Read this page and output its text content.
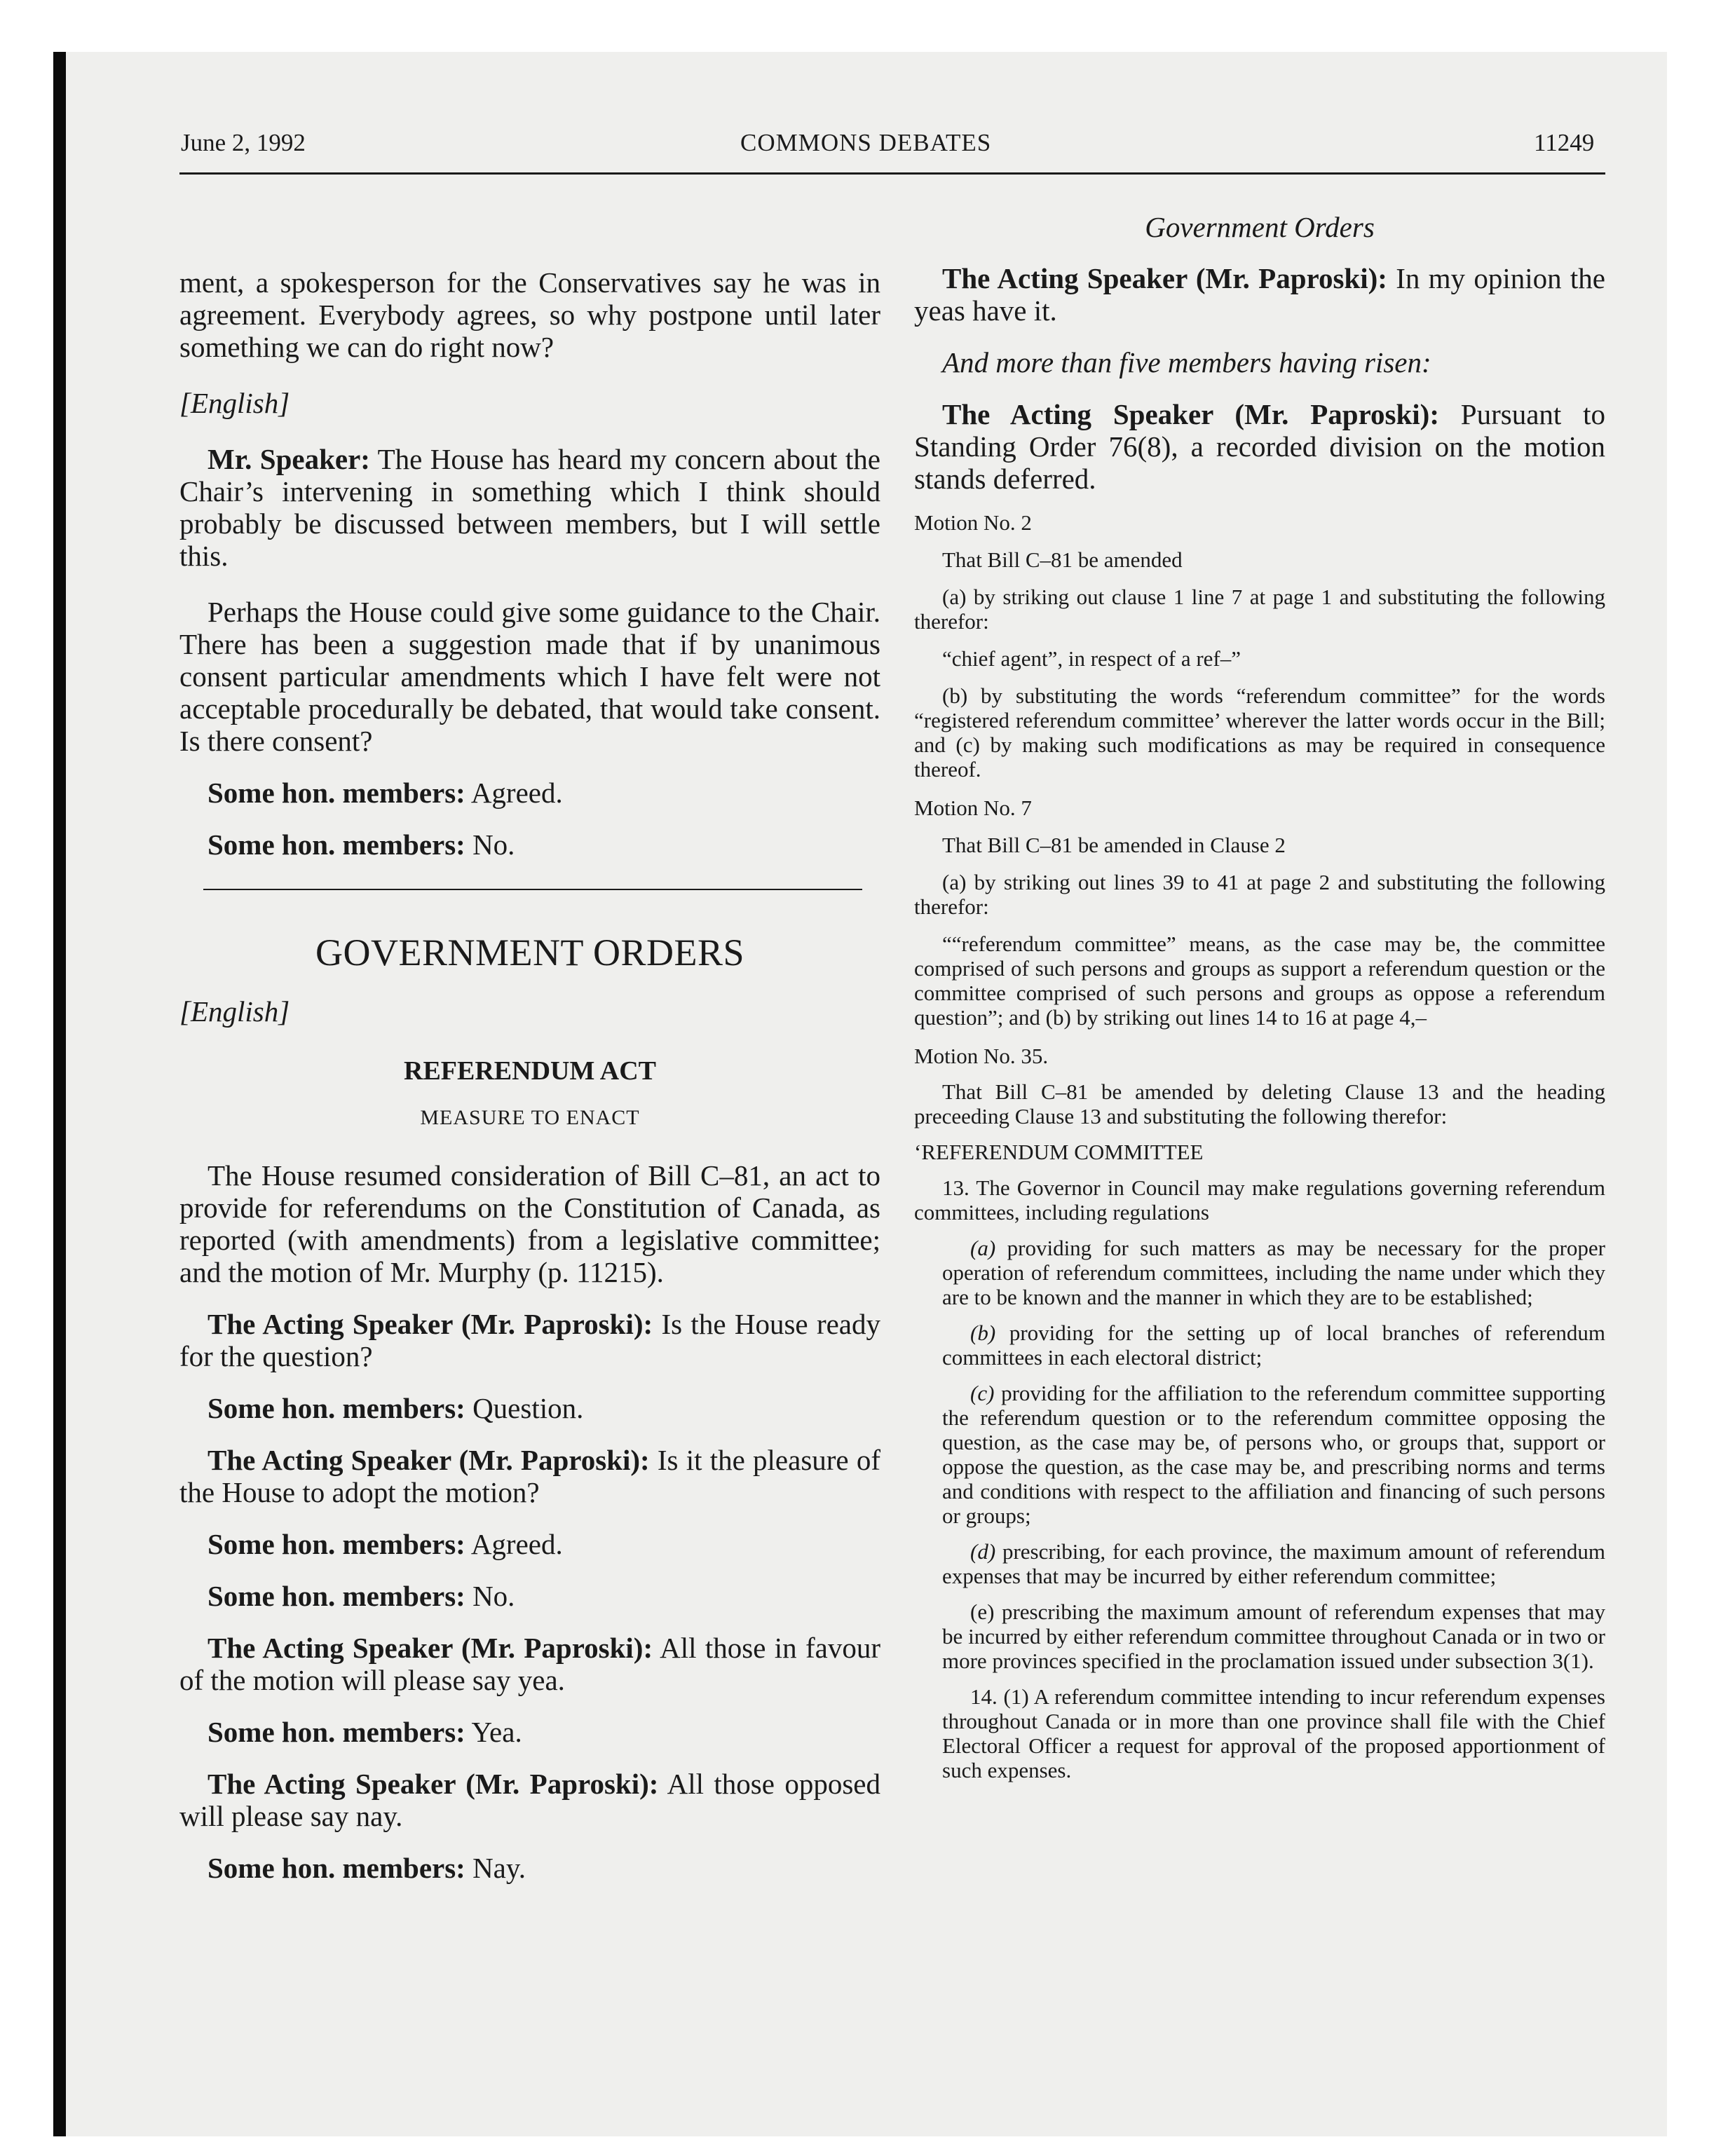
June 2, 1992	COMMONS DEBATES	11249

ment, a spokesperson for the Conservatives say he was in agreement. Everybody agrees, so why postpone until later something we can do right now?

[English]

Mr. Speaker: The House has heard my concern about the Chair’s intervening in something which I think should probably be discussed between members, but I will settle this.

Perhaps the House could give some guidance to the Chair. There has been a suggestion made that if by unanimous consent particular amendments which I have felt were not acceptable procedurally be debated, that would take consent. Is there consent?

Some hon. members: Agreed.

Some hon. members: No.

GOVERNMENT ORDERS

[English]

REFERENDUM ACT

MEASURE TO ENACT

The House resumed consideration of Bill C–81, an act to provide for referendums on the Constitution of Canada, as reported (with amendments) from a legislative committee; and the motion of Mr. Murphy (p. 11215).

The Acting Speaker (Mr. Paproski): Is the House ready for the question?

Some hon. members: Question.

The Acting Speaker (Mr. Paproski): Is it the pleasure of the House to adopt the motion?

Some hon. members: Agreed.

Some hon. members: No.

The Acting Speaker (Mr. Paproski): All those in favour of the motion will please say yea.

Some hon. members: Yea.

The Acting Speaker (Mr. Paproski): All those opposed will please say nay.

Some hon. members: Nay.

Government Orders

The Acting Speaker (Mr. Paproski): In my opinion the yeas have it.

And more than five members having risen:

The Acting Speaker (Mr. Paproski): Pursuant to Standing Order 76(8), a recorded division on the motion stands deferred.

Motion No. 2

That Bill C–81 be amended

(a) by striking out clause 1 line 7 at page 1 and substituting the following therefor:

“chief agent”, in respect of a ref–”

(b) by substituting the words “referendum committee” for the words “registered referendum committee’ wherever the latter words occur in the Bill; and (c) by making such modifications as may be required in consequence thereof.

Motion No. 7

That Bill C–81 be amended in Clause 2

(a) by striking out lines 39 to 41 at page 2 and substituting the following therefor:

““referendum committee” means, as the case may be, the committee comprised of such persons and groups as support a referendum question or the committee comprised of such persons and groups as oppose a referendum question”; and (b) by striking out lines 14 to 16 at page 4,–

Motion No. 35.

That Bill C–81 be amended by deleting Clause 13 and the heading preceeding Clause 13 and substituting the following therefor:

‘REFERENDUM COMMITTEE

13. The Governor in Council may make regulations governing referendum committees, including regulations

(a) providing for such matters as may be necessary for the proper operation of referendum committees, including the name under which they are to be known and the manner in which they are to be established;

(b) providing for the setting up of local branches of referendum committees in each electoral district;

(c) providing for the affiliation to the referendum committee supporting the referendum question or to the referendum committee opposing the question, as the case may be, of persons who, or groups that, support or oppose the question, as the case may be, and prescribing norms and terms and conditions with respect to the affiliation and financing of such persons or groups;

(d) prescribing, for each province, the maximum amount of referendum expenses that may be incurred by either referendum committee;

(e) prescribing the maximum amount of referendum expenses that may be incurred by either referendum committee throughout Canada or in two or more provinces specified in the proclamation issued under subsection 3(1).

14. (1) A referendum committee intending to incur referendum expenses throughout Canada or in more than one province shall file with the Chief Electoral Officer a request for approval of the proposed apportionment of such expenses.
